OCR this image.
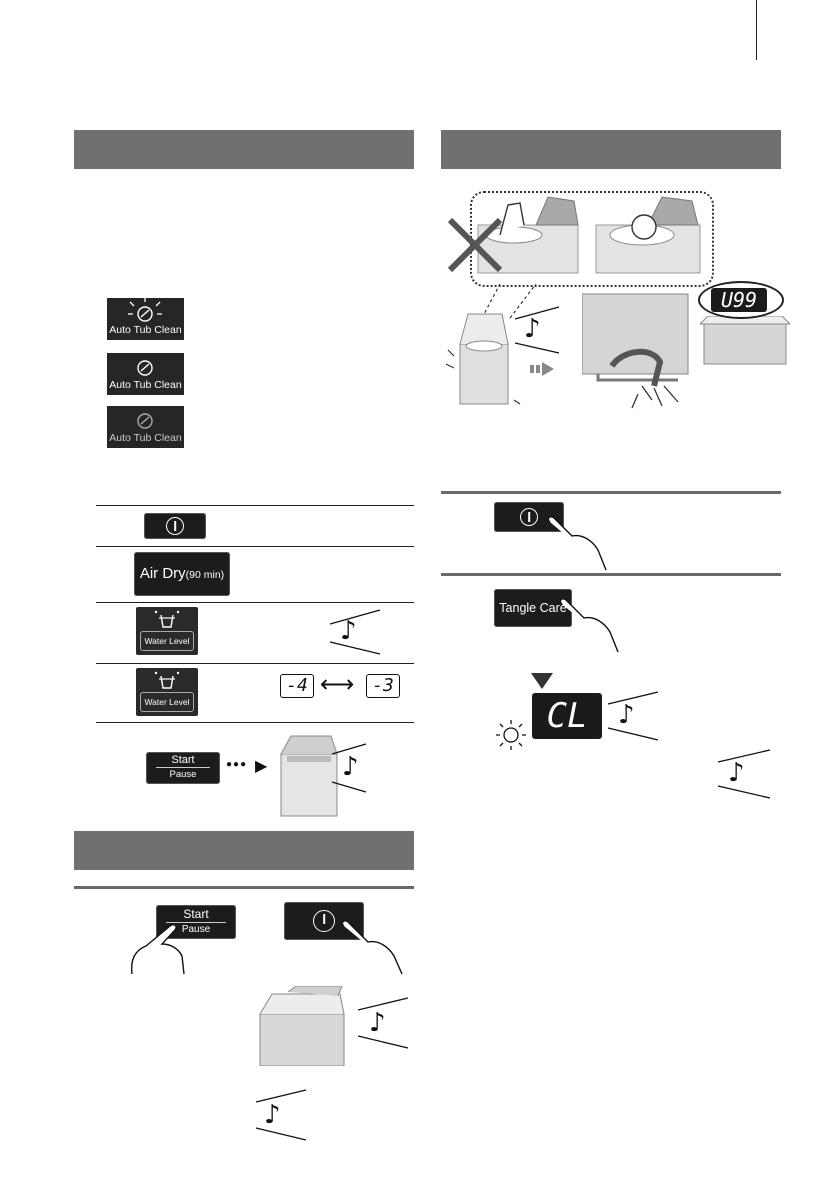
Auto Tub Clean
Auto Tub Clean
Auto Tub Clean
Air Dry(90 min)
Water Level	♪
Water Level
-4 ⟷ -3
Start
Pause
●●● ▶	♪
Start
Pause
♪
♪
♪
U99
Tangle Care
CL	♪
♪
